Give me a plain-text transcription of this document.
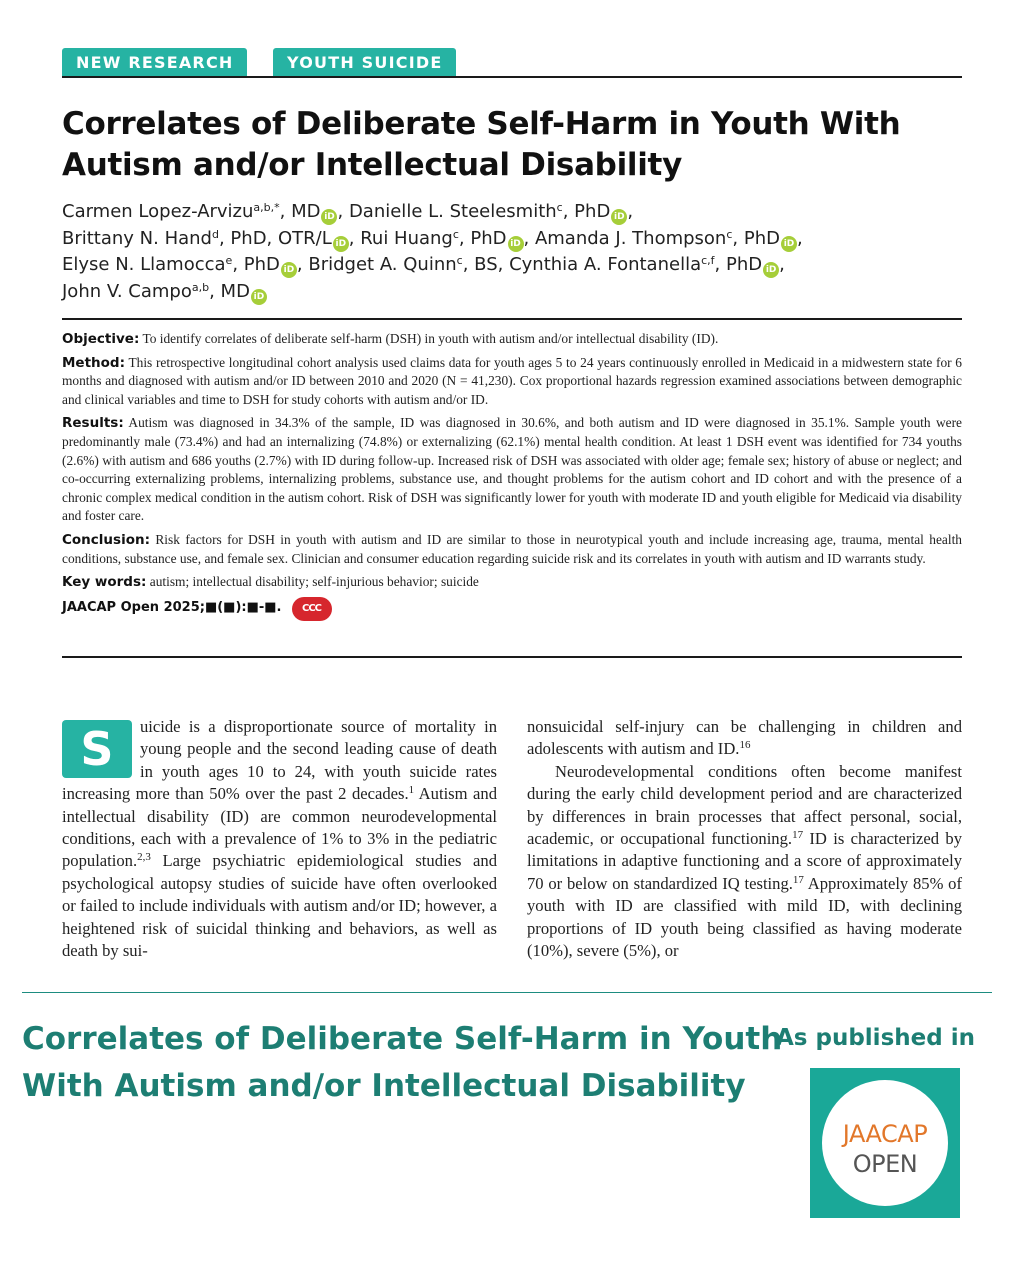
NEW RESEARCH	YOUTH SUICIDE
Correlates of Deliberate Self-Harm in Youth With
Autism and/or Intellectual Disability
Carmen Lopez-Arvizu$^{a,b,*}$, MD iD , Danielle L. Steelesmith$^c$, PhD iD ,
Brittany N. Hand$^d$, PhD, OTR/L iD , Rui Huang$^c$, PhD iD , Amanda J. Thompson$^c$, PhD iD ,
Elyse N. Llamocca$^e$, PhD iD , Bridget A. Quinn$^c$, BS, Cynthia A. Fontanella$^{c,f}$, PhD iD ,
John V. Campo$^{a,b}$, MD iD

Objective: To identify correlates of deliberate self-harm (DSH) in youth with autism and/or intellectual disability (ID).

Method: This retrospective longitudinal cohort analysis used claims data for youth ages 5 to 24 years continuously enrolled in Medicaid in a midwestern state for 6 months and diagnosed with autism and/or ID between 2010 and 2020 (N = 41,230). Cox proportional hazards regression examined associations between demographic and clinical variables and time to DSH for study cohorts with autism and/or ID.

Results: Autism was diagnosed in 34.3% of the sample, ID was diagnosed in 30.6%, and both autism and ID were diagnosed in 35.1%. Sample youth were predominantly male (73.4%) and had an internalizing (74.8%) or externalizing (62.1%) mental health condition. At least 1 DSH event was identified for 734 youths (2.6%) with autism and 686 youths (2.7%) with ID during follow-up. Increased risk of DSH was associated with older age; female sex; history of abuse or neglect; and co-occurring externalizing problems, internalizing problems, substance use, and thought problems for the autism cohort and ID cohort and with the presence of a chronic complex medical condition in the autism cohort. Risk of DSH was significantly lower for youth with moderate ID and youth eligible for Medicaid via disability and foster care.

Conclusion: Risk factors for DSH in youth with autism and ID are similar to those in neurotypical youth and include increasing age, trauma, mental health conditions, substance use, and female sex. Clinician and consumer education regarding suicide risk and its correlates in youth with autism and ID warrants study.

Key words: autism; intellectual disability; self-injurious behavior; suicide

JAACAP Open 2025;■(■):■-■.	CCC

S	uicide is a disproportionate source of mortality in young people and the second leading cause of death in youth ages 10 to 24, with youth suicide rates increasing more than 50% over the past 2 decades.$^1$ Autism and intellectual disability (ID) are common neurodevelopmental conditions, each with a prevalence of 1% to 3% in the pediatric population.$^{2,3}$ Large psychiatric epidemiological studies and psychological autopsy studies of suicide have often overlooked or failed to include individuals with autism and/or ID; however, a heightened risk of suicidal thinking and behaviors, as well as death by sui-

nonsuicidal self-injury can be challenging in children and adolescents with autism and ID.$^{16}$

Neurodevelopmental conditions often become manifest during the early child development period and are characterized by differences in brain processes that affect personal, social, academic, or occupational functioning.$^{17}$ ID is characterized by limitations in adaptive functioning and a score of approximately 70 or below on standardized IQ testing.$^{17}$ Approximately 85% of youth with ID are classified with mild ID, with declining proportions of ID youth being classified as having moderate (10%), severe (5%), or

Correlates of Deliberate Self-Harm in Youth
With Autism and/or Intellectual Disability
As published in
JAACAP
OPEN
